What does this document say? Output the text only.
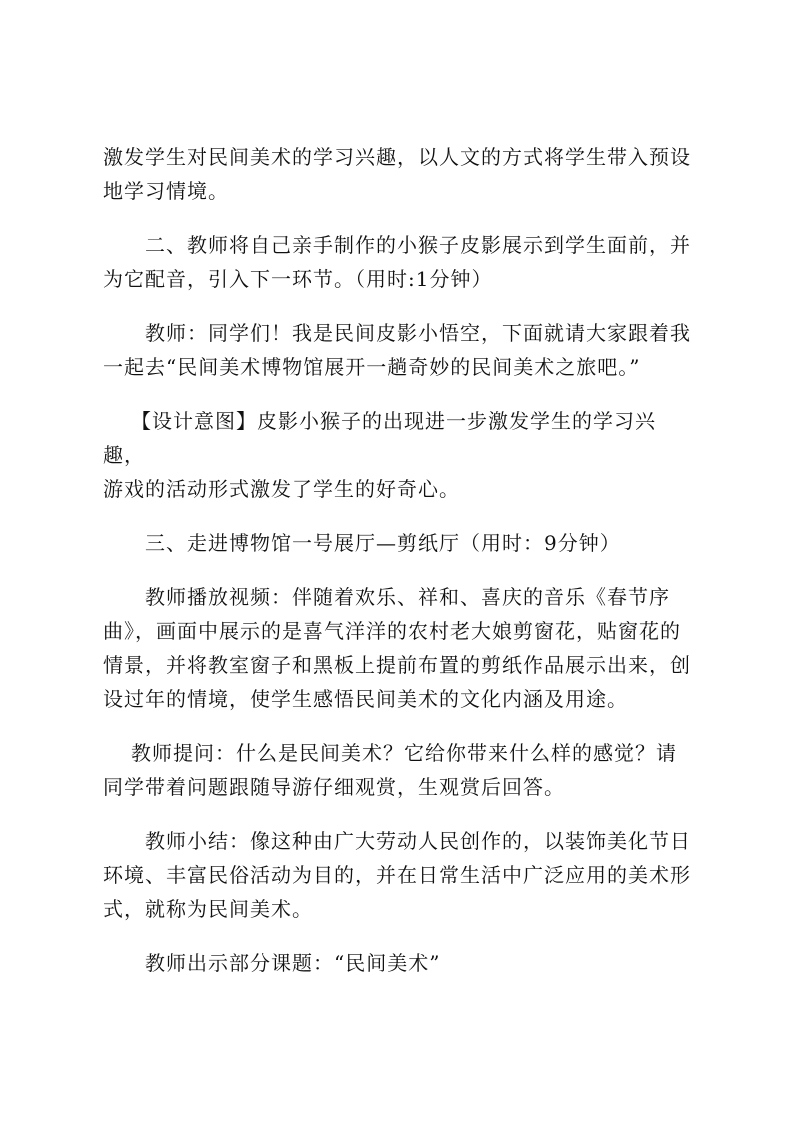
激发学生对民间美术的学习兴趣，以人文的方式将学生带入预设
地学习情境。

二、教师将自己亲手制作的小猴子皮影展示到学生面前，并
为它配音，引入下一环节。（用时:1分钟）

教师：同学们！我是民间皮影小悟空，下面就请大家跟着我
一起去“民间美术博物馆展开一趟奇妙的民间美术之旅吧。”

【设计意图】皮影小猴子的出现进一步激发学生的学习兴趣，
游戏的活动形式激发了学生的好奇心。

三、走进博物馆一号展厅—剪纸厅（用时：9分钟）

教师播放视频：伴随着欢乐、祥和、喜庆的音乐《春节序
曲》，画面中展示的是喜气洋洋的农村老大娘剪窗花，贴窗花的
情景，并将教室窗子和黑板上提前布置的剪纸作品展示出来，创
设过年的情境，使学生感悟民间美术的文化内涵及用途。

教师提问：什么是民间美术？它给你带来什么样的感觉？请
同学带着问题跟随导游仔细观赏，生观赏后回答。

教师小结：像这种由广大劳动人民创作的，以装饰美化节日
环境、丰富民俗活动为目的，并在日常生活中广泛应用的美术形
式，就称为民间美术。

教师出示部分课题：“民间美术”
